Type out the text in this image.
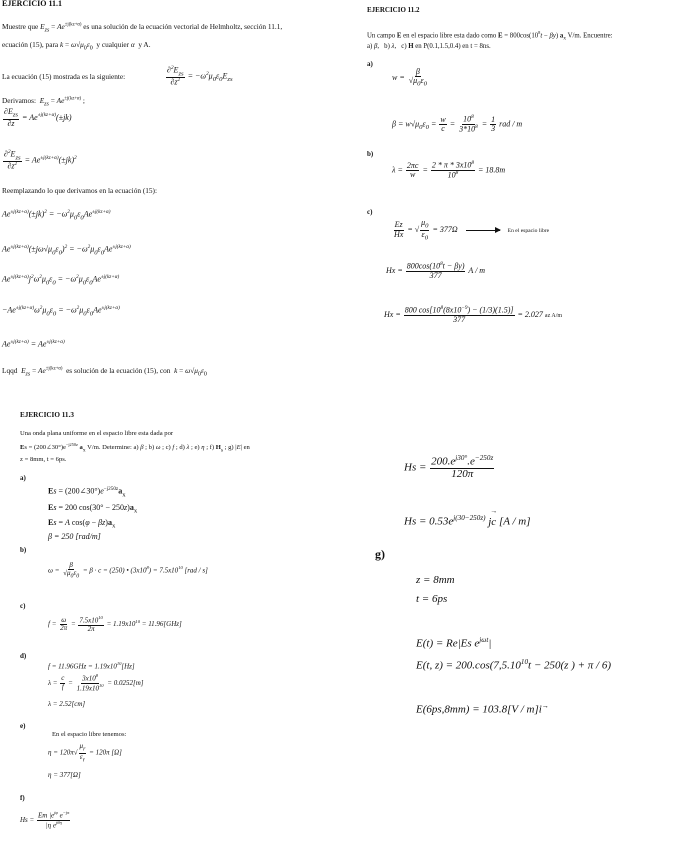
EJERCICIO 11.1
Muestre que $E_{zs} = Ae^{\pm j(kz+\alpha)}$ es una solución de la ecuación vectorial de Helmholtz, sección 11.1,
ecuación (15), para $k = \omega√\mu_0\varepsilon_0$  y cualquier α  y A.
La ecuación (15) mostrada es la siguiente:	$\frac{\partial^2E_{zs}}{\partial z^2} = -\omega^2\mu_0\varepsilon_0E_{zs}$
Derivamos:  $E_{zs} = Ae^{\pm j(kz+\alpha)}$ ;
$\frac{\partial E_{zs}}{\partial z} = Ae^{\pm j(kz+\alpha)}(\pm jk)$
$\frac{\partial^2E_{zs}}{\partial z^2} = Ae^{\pm j(kz+\alpha)}(\pm jk)^2$
Reemplazando lo que derivamos en la ecuación (15):
$Ae^{\pm j(kz+\alpha)}(\pm jk)^2 = -\omega^2\mu_0\varepsilon_0Ae^{\pm j(kz+\alpha)}$
$Ae^{\pm j(kz+\alpha)}(\pm j\omega√\mu_0\varepsilon_0)^2 = -\omega^2\mu_0\varepsilon_0Ae^{\pm j(kz+\alpha)}$
$Ae^{\pm j(kz+\alpha)}j^2\omega^2\mu_0\varepsilon_0 = -\omega^2\mu_0\varepsilon_0Ae^{\pm j(kz+\alpha)}$
$-Ae^{\pm j(kz+\alpha)}\omega^2\mu_0\varepsilon_0 = -\omega^2\mu_0\varepsilon_0Ae^{\pm j(kz+\alpha)}$
$Ae^{\pm j(kz+\alpha)} = Ae^{\pm j(kz+\alpha)}$
Lqqd  $E_{zs} = Ae^{\pm j(kz+\alpha)}$  es solución de la ecuación (15), con  $k = \omega√\mu_0\varepsilon_0$
EJERCICIO 11.2
Un campo E en el espacio libre esta dado como $E = 800\cos(10^8t - \beta y)$ $a_x$ V/m. Encuentre:
a) β,   b) λ,   c) H en P(0.1,1.5,0.4) en t = 8ns.
a)
$w = \frac{\beta}{√\mu_0\varepsilon_0}$
$\beta = w√\mu_0\varepsilon_0 = \frac{w}{c} = \frac{10^8}{3*10^8} = \frac{1}{3}$ rad / m
b)
$\lambda = \frac{2\pi c}{w} = \frac{2 * \pi * 3x10^8}{10^8} = 18.8m$
c)
$\frac{Ez}{Hx}$ = √ $\frac{\mu_0}{\varepsilon_0} = 377\Omega$	En el espacio libre
$Hx = \frac{800\cos(10^8t - \beta y)}{377}$ A / m
$Hx = \frac{800 \cos[10^8(8x10^{-9}) - (1/3)(1.5)]}{377} = 2.027$ az A/m
EJERCICIO 11.3
Una onda plana uniforme en el espacio libre esta dada por
$Es = (200\angle 30^\circ)e^{-j250z}$ $a_x$ V/m. Determine: a) β ; b) ω ; c) f ; d) λ ; e) η ; f) $H_s$ ; g) |E| en
z = 8mm, t = 6ps.
a)
$Es = (200\angle 30^\circ)e^{-j250z}a_x$
Es = 200 $\cos(30^\circ - 250z)a_x$
Es = A $\cos(\varphi - \beta z)a_x$
β = 250 [rad/m]
b)
$\omega = \frac{\beta}{√\mu_0\varepsilon_0} = \beta \cdot c = (250)$ • $(3x10^8) = 7.5x10^{10}$ [rad / s]
c)
$f = \frac{\omega}{2\pi} = \frac{7.5x10^{10}}{2\pi} = 1.19x10^{10} = 11.96[GHz]$
d)
$f = 11.96GHz = 1.19x10^{10}[Hz]$
$\lambda = \frac{c}{f} = \frac{3x10^8}{1.19x10^{10}} = 0.0252[m]$
λ = 2.52[cm]
e)
En el espacio libre tenemos:
$\eta = 120\pi√ \frac{\mu_r}{\varepsilon_r} = 120\pi$ [Ω]
η = 377[Ω]
f)
$Hs = \frac{Em |e^{j\varphi} e^{-j\pi}}{|\eta e^{j\theta\eta}}$
$Hs = \frac{200.e^{j30^\circ}.e^{-250z}}{120\pi}$
$Hs = 0.53e^{j(30-250z)}$ jc
→
[A / m]
g)
z = 8mm
t = 6ps
E(t) = Re|Es $e^{j\omega t}|$
E(t, $z) = 200.\cos(7,5.10^{10}t - 250(z$ ) + π / 6)
E(6ps,8mm) = 103.8[V / m]i→
